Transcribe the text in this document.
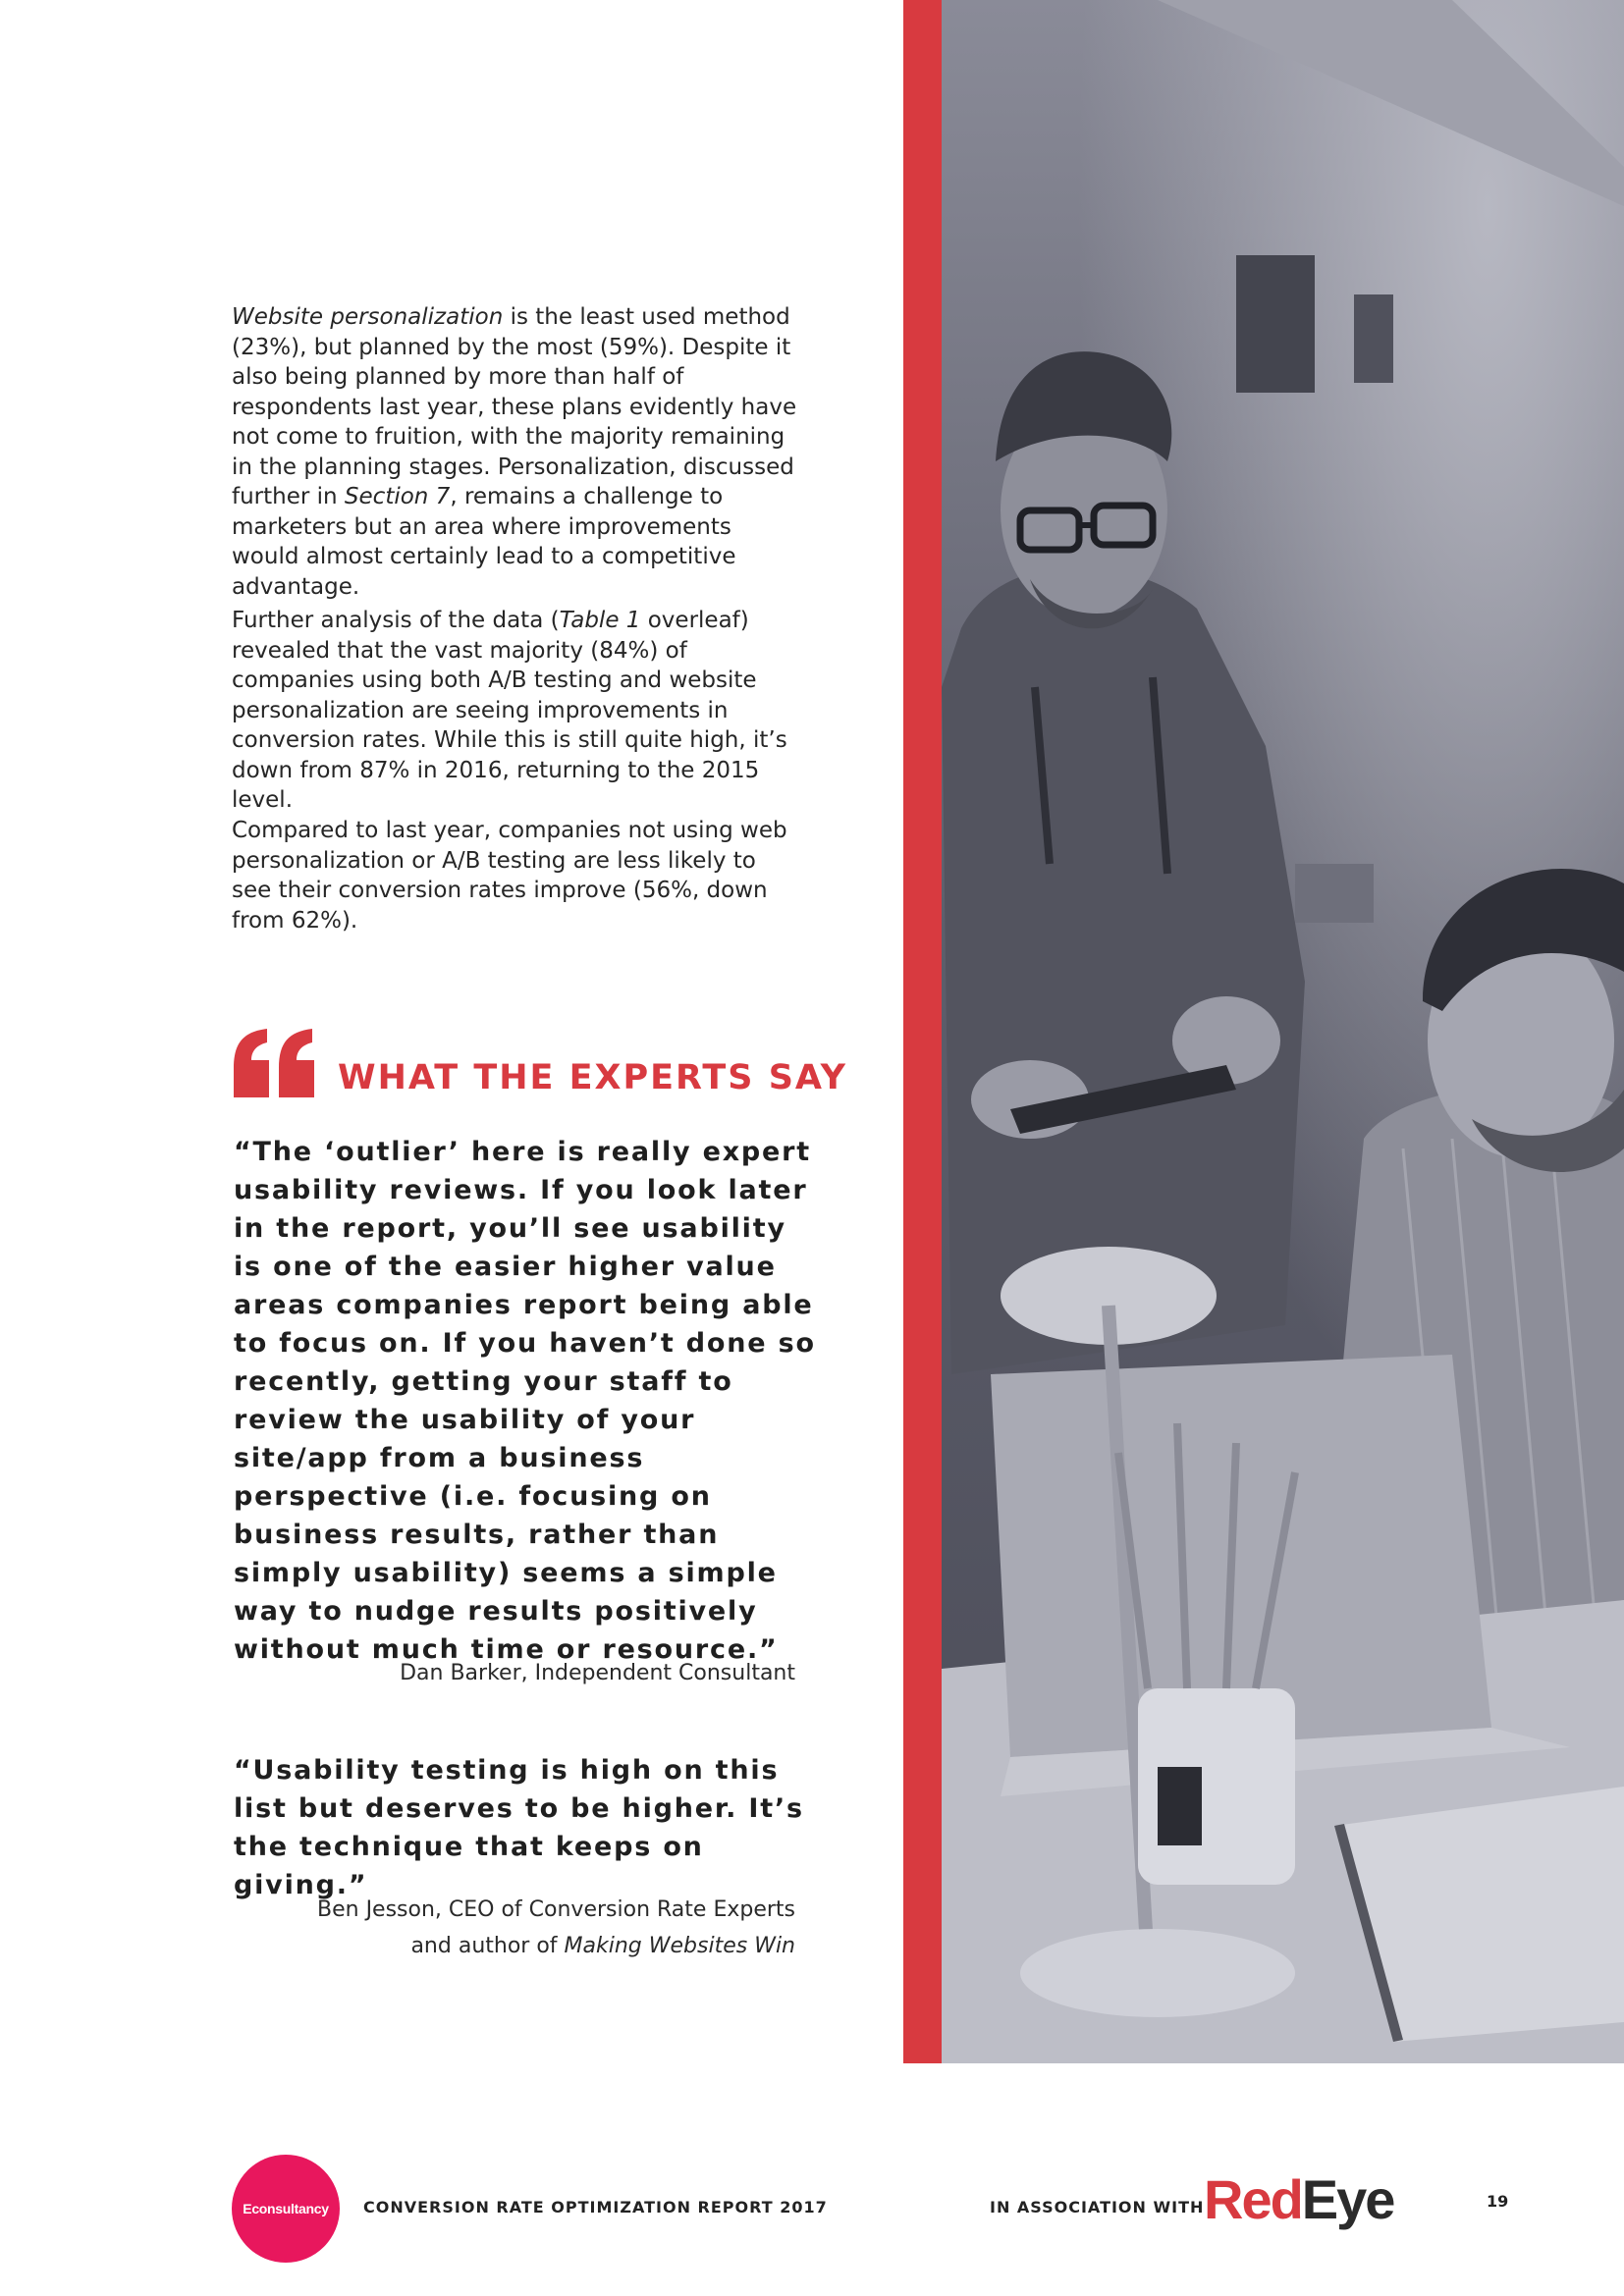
Website personalization is the least used method (23%), but planned by the most (59%). Despite it also being planned by more than half of respondents last year, these plans evidently have not come to fruition, with the majority remaining in the planning stages. Personalization, discussed further in Section 7, remains a challenge to marketers but an area where improvements would almost certainly lead to a competitive advantage.

Further analysis of the data (Table 1 overleaf) revealed that the vast majority (84%) of companies using both A/B testing and website personalization are seeing improvements in conversion rates. While this is still quite high, it’s down from 87% in 2016, returning to the 2015 level.

Compared to last year, companies not using web personalization or A/B testing are less likely to see their conversion rates improve (56%, down from 62%).

WHAT THE EXPERTS SAY

“The ‘outlier’ here is really expert usability reviews. If you look later in the report, you’ll see usability is one of the easier higher value areas companies report being able to focus on. If you haven’t done so recently, getting your staff to review the usability of your site/app from a business perspective (i.e. focusing on business results, rather than simply usability) seems a simple way to nudge results positively without much time or resource.”

Dan Barker, Independent Consultant

“Usability testing is high on this list but deserves to be higher. It’s the technique that keeps on giving.”

Ben Jesson, CEO of Conversion Rate Experts
and author of Making Websites Win

Econsultancy	CONVERSION RATE OPTIMIZATION REPORT 2017	IN ASSOCIATION WITH RedEye	19
